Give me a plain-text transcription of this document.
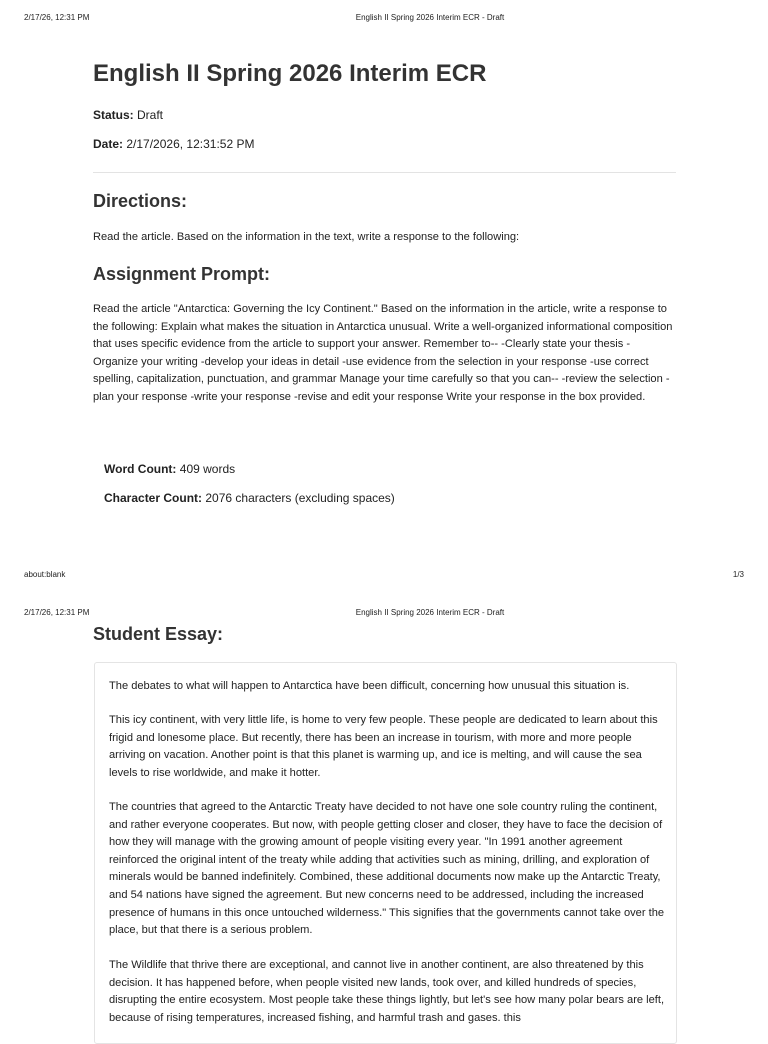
2/17/26, 12:31 PM	English II Spring 2026 Interim ECR - Draft
English II Spring 2026 Interim ECR
Status: Draft
Date: 2/17/2026, 12:31:52 PM
Directions:

Read the article. Based on the information in the text, write a response to the following:

Assignment Prompt:

Read the article "Antarctica: Governing the Icy Continent." Based on the information in the article, write a response to the following: Explain what makes the situation in Antarctica unusual. Write a well-organized informational composition that uses specific evidence from the article to support your answer. Remember to-- -Clearly state your thesis -Organize your writing -develop your ideas in detail -use evidence from the selection in your response -use correct spelling, capitalization, punctuation, and grammar Manage your time carefully so that you can-- -review the selection -plan your response -write your response -revise and edit your response Write your response in the box provided.

Word Count: 409 words
Character Count: 2076 characters (excluding spaces)
about:blank	1/3
2/17/26, 12:31 PM	English II Spring 2026 Interim ECR - Draft
Student Essay:

The debates to what will happen to Antarctica have been difficult, concerning how unusual this situation is.

This icy continent, with very little life, is home to very few people. These people are dedicated to learn about this frigid and lonesome place. But recently, there has been an increase in tourism, with more and more people arriving on vacation. Another point is that this planet is warming up, and ice is melting, and will cause the sea levels to rise worldwide, and make it hotter.

The countries that agreed to the Antarctic Treaty have decided to not have one sole country ruling the continent, and rather everyone cooperates. But now, with people getting closer and closer, they have to face the decision of how they will manage with the growing amount of people visiting every year. "In 1991 another agreement reinforced the original intent of the treaty while adding that activities such as mining, drilling, and exploration of minerals would be banned indefinitely. Combined, these additional documents now make up the Antarctic Treaty, and 54 nations have signed the agreement. But new concerns need to be addressed, including the increased presence of humans in this once untouched wilderness." This signifies that the governments cannot take over the place, but that there is a serious problem.

The Wildlife that thrive there are exceptional, and cannot live in another continent, are also threatened by this decision. It has happened before, when people visited new lands, took over, and killed hundreds of species, disrupting the entire ecosystem. Most people take these things lightly, but let's see how many polar bears are left, because of rising temperatures, increased fishing, and harmful trash and gases. this
